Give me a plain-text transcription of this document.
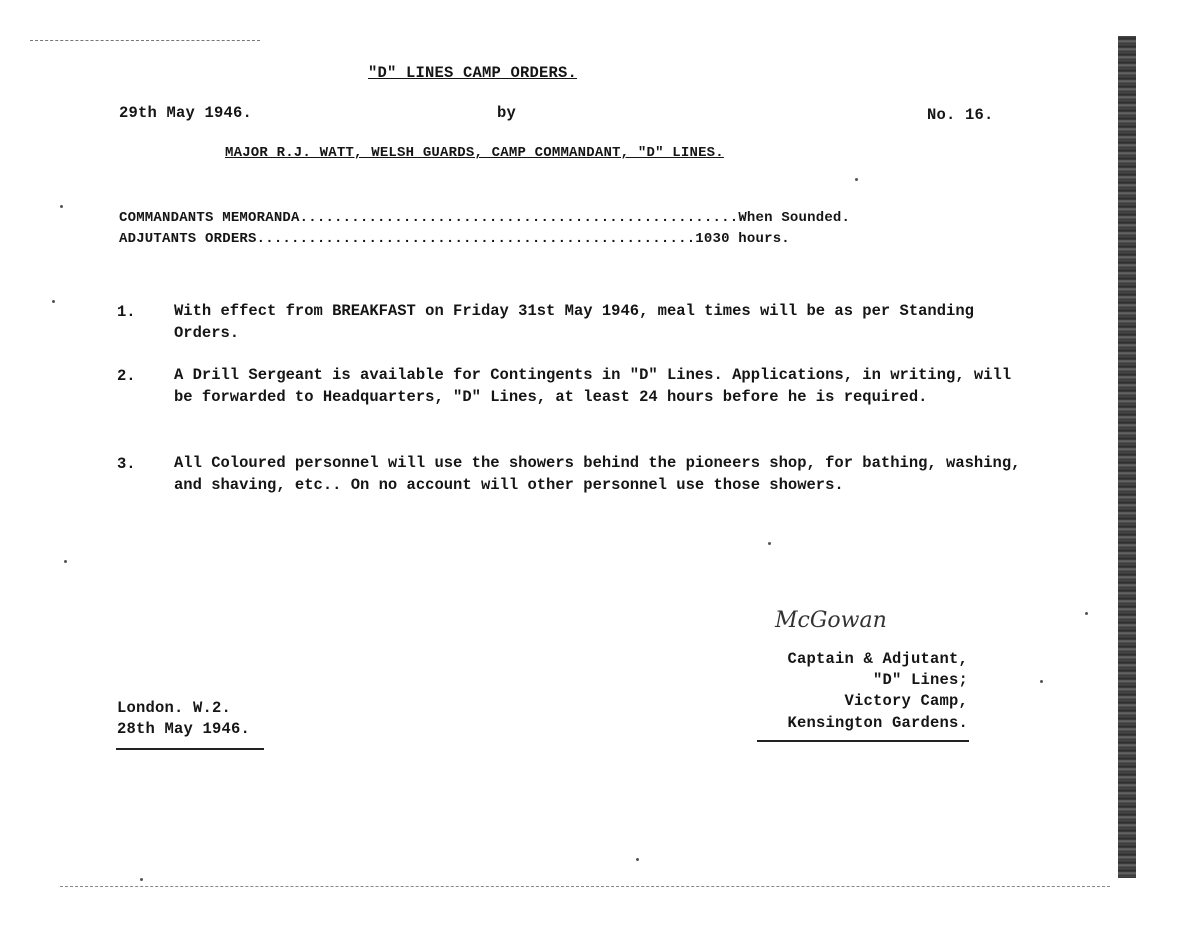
"D" LINES CAMP ORDERS.
29th May 1946.	by	No. 16.
MAJOR R.J. WATT, WELSH GUARDS, CAMP COMMANDANT, "D" LINES.
COMMANDANTS MEMORANDA...................................................When Sounded.
ADJUTANTS ORDERS...................................................1030 hours.
1. With effect from BREAKFAST on Friday 31st May 1946, meal times will be as per Standing Orders.
2. A Drill Sergeant is available for Contingents in "D" Lines. Applications, in writing, will be forwarded to Headquarters, "D" Lines, at least 24 hours before he is required.
3. All Coloured personnel will use the showers behind the pioneers shop, for bathing, washing, and shaving, etc.. On no account will other personnel use those showers.
McGowan
Captain & Adjutant,
"D" Lines;
Victory Camp,
Kensington Gardens.
London. W.2.
28th May 1946.
